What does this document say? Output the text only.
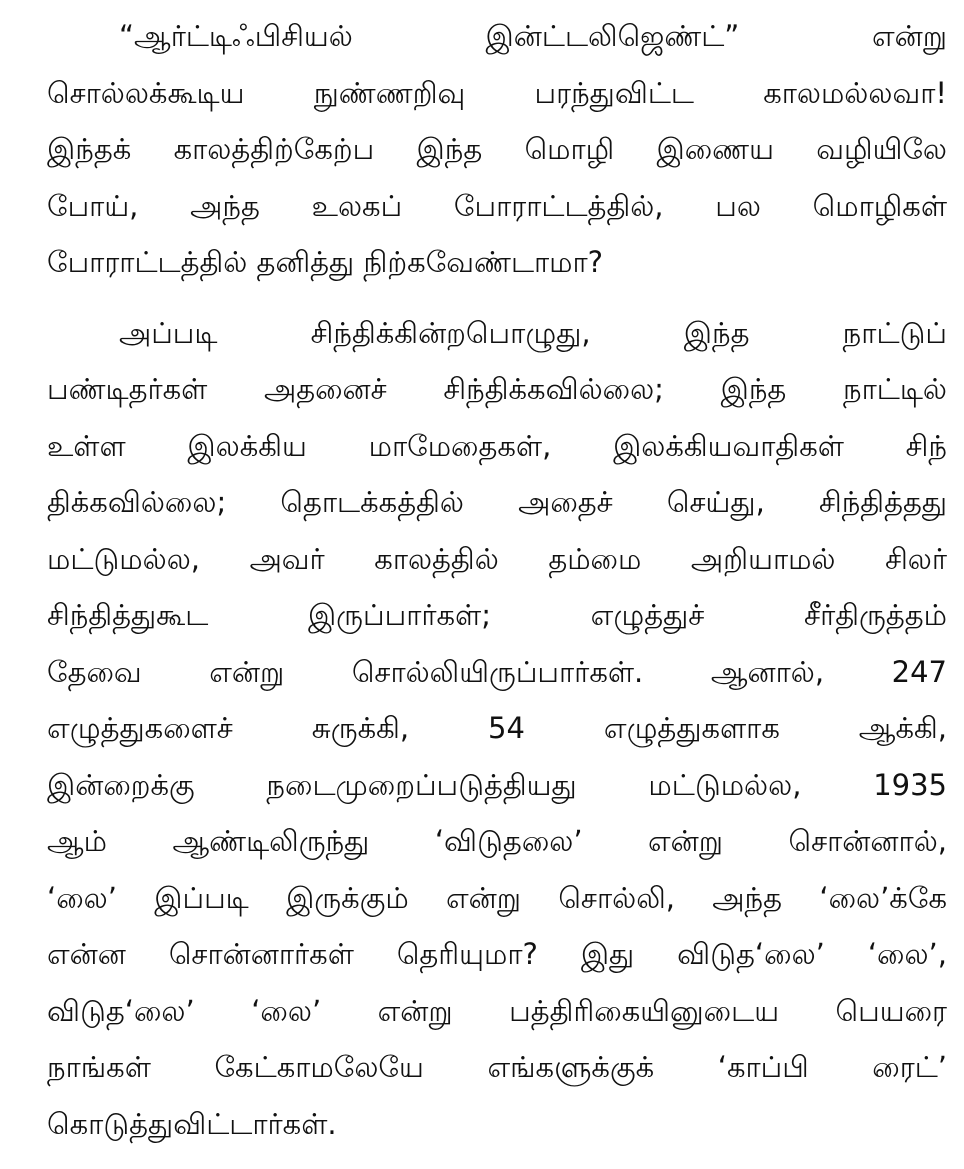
“ஆர்ட்டிஃபிசியல் இன்ட்டலிஜெண்ட்” என்று
சொல்லக்கூடிய நுண்ணறிவு பரந்துவிட்ட காலமல்லவா!
இந்தக் காலத்திற்கேற்ப இந்த மொழி இணைய வழியிலே
போய், அந்த உலகப் போராட்டத்தில், பல மொழிகள்
போராட்டத்தில் தனித்து நிற்கவேண்டாமா?

அப்படி சிந்திக்கின்றபொழுது, இந்த நாட்டுப்
பண்டிதர்கள் அதனைச் சிந்திக்கவில்லை; இந்த நாட்டில்
உள்ள இலக்கிய மாமேதைகள், இலக்கியவாதிகள் சிந்
திக்கவில்லை; தொடக்கத்தில் அதைச் செய்து, சிந்தித்தது
மட்டுமல்ல, அவர் காலத்தில் தம்மை அறியாமல் சிலர்
சிந்தித்துகூட இருப்பார்கள்; எழுத்துச் சீர்திருத்தம்
தேவை என்று சொல்லியிருப்பார்கள். ஆனால், 247
எழுத்துகளைச் சுருக்கி, 54 எழுத்துகளாக ஆக்கி,
இன்றைக்கு நடைமுறைப்படுத்தியது மட்டுமல்ல, 1935
ஆம் ஆண்டிலிருந்து ‘விடுதலை’ என்று சொன்னால்,
‘லை’ இப்படி இருக்கும் என்று சொல்லி, அந்த ‘லை’க்கே
என்ன சொன்னார்கள் தெரியுமா? இது விடுத‘லை’ ‘லை’,
விடுத‘லை’ ‘லை’ என்று பத்திரிகையினுடைய பெயரை
நாங்கள் கேட்காமலேயே எங்களுக்குக் ‘காப்பி ரைட்’
கொடுத்துவிட்டார்கள்.
